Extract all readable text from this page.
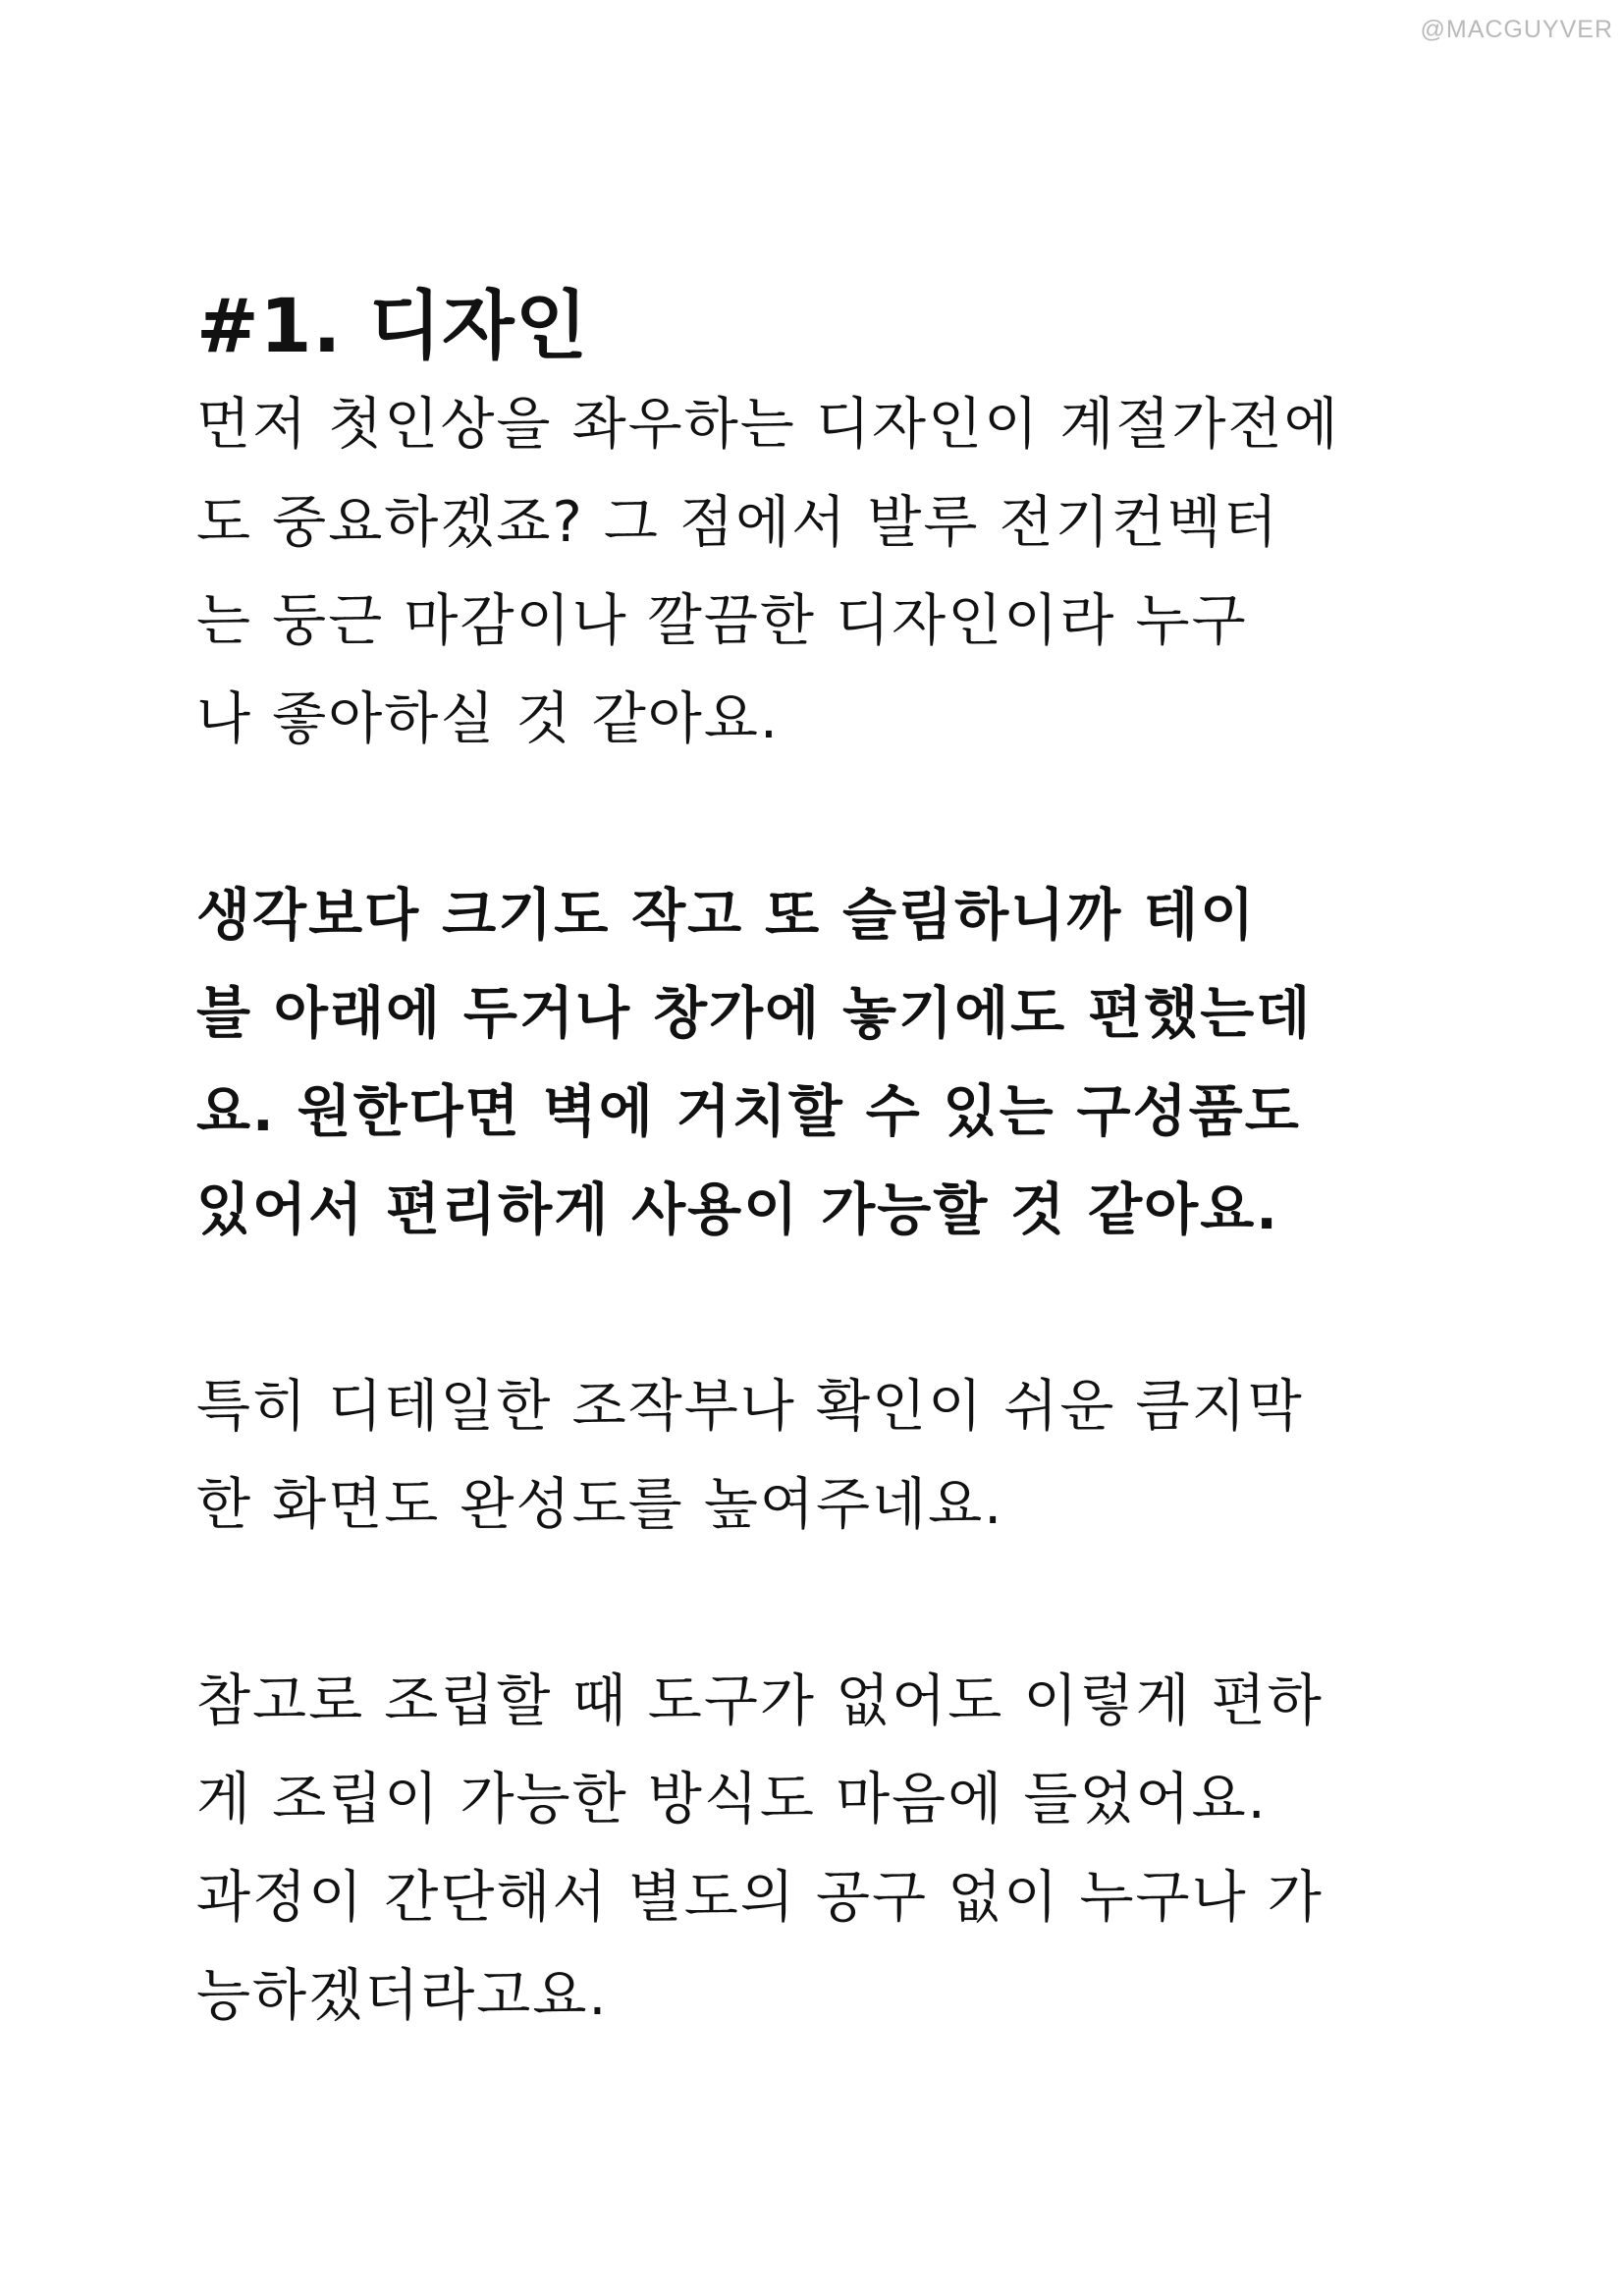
@MACGUYVER
#1. 디자인

먼저 첫인상을 좌우하는 디자인이 계절가전에
도 중요하겠죠? 그 점에서 발루 전기컨벡터
는 둥근 마감이나 깔끔한 디자인이라 누구
나 좋아하실 것 같아요.

생각보다 크기도 작고 또 슬림하니까 테이
블 아래에 두거나 창가에 놓기에도 편했는데
요. 원한다면 벽에 거치할 수 있는 구성품도
있어서 편리하게 사용이 가능할 것 같아요.

특히 디테일한 조작부나 확인이 쉬운 큼지막
한 화면도 완성도를 높여주네요.

참고로 조립할 때 도구가 없어도 이렇게 편하
게 조립이 가능한 방식도 마음에 들었어요.
과정이 간단해서 별도의 공구 없이 누구나 가
능하겠더라고요.
